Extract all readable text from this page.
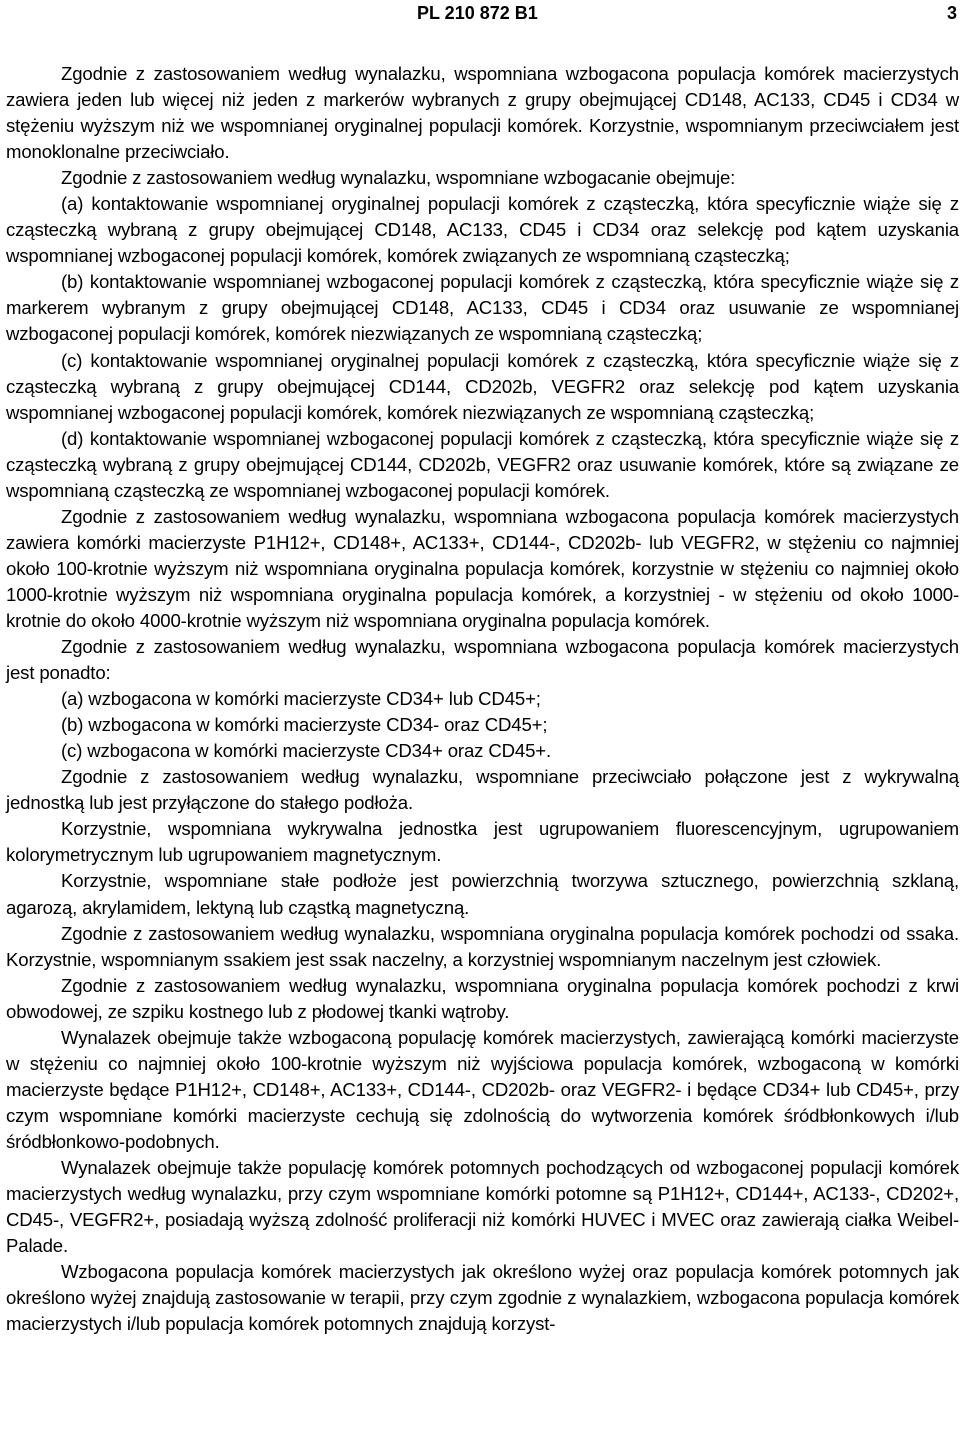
PL 210 872 B1	3

Zgodnie z zastosowaniem według wynalazku, wspomniana wzbogacona populacja komórek macierzystych zawiera jeden lub więcej niż jeden z markerów wybranych z grupy obejmującej CD148, AC133, CD45 i CD34 w stężeniu wyższym niż we wspomnianej oryginalnej populacji komórek. Korzystnie, wspomnianym przeciwciałem jest monoklonalne przeciwciało.

Zgodnie z zastosowaniem według wynalazku, wspomniane wzbogacanie obejmuje:

(a) kontaktowanie wspomnianej oryginalnej populacji komórek z cząsteczką, która specyficznie wiąże się z cząsteczką wybraną z grupy obejmującej CD148, AC133, CD45 i CD34 oraz selekcję pod kątem uzyskania wspomnianej wzbogaconej populacji komórek, komórek związanych ze wspomnianą cząsteczką;

(b) kontaktowanie wspomnianej wzbogaconej populacji komórek z cząsteczką, która specyficznie wiąże się z markerem wybranym z grupy obejmującej CD148, AC133, CD45 i CD34 oraz usuwanie ze wspomnianej wzbogaconej populacji komórek, komórek niezwiązanych ze wspomnianą cząsteczką;

(c) kontaktowanie wspomnianej oryginalnej populacji komórek z cząsteczką, która specyficznie wiąże się z cząsteczką wybraną z grupy obejmującej CD144, CD202b, VEGFR2 oraz selekcję pod kątem uzyskania wspomnianej wzbogaconej populacji komórek, komórek niezwiązanych ze wspomnianą cząsteczką;

(d) kontaktowanie wspomnianej wzbogaconej populacji komórek z cząsteczką, która specyficznie wiąże się z cząsteczką wybraną z grupy obejmującej CD144, CD202b, VEGFR2 oraz usuwanie komórek, które są związane ze wspomnianą cząsteczką ze wspomnianej wzbogaconej populacji komórek.

Zgodnie z zastosowaniem według wynalazku, wspomniana wzbogacona populacja komórek macierzystych zawiera komórki macierzyste P1H12+, CD148+, AC133+, CD144-, CD202b- lub VEGFR2, w stężeniu co najmniej około 100-krotnie wyższym niż wspomniana oryginalna populacja komórek, korzystnie w stężeniu co najmniej około 1000-krotnie wyższym niż wspomniana oryginalna populacja komórek, a korzystniej - w stężeniu od około 1000-krotnie do około 4000-krotnie wyższym niż wspomniana oryginalna populacja komórek.

Zgodnie z zastosowaniem według wynalazku, wspomniana wzbogacona populacja komórek macierzystych jest ponadto:

(a) wzbogacona w komórki macierzyste CD34+ lub CD45+;

(b) wzbogacona w komórki macierzyste CD34- oraz CD45+;

(c) wzbogacona w komórki macierzyste CD34+ oraz CD45+.

Zgodnie z zastosowaniem według wynalazku, wspomniane przeciwciało połączone jest z wykrywalną jednostką lub jest przyłączone do stałego podłoża.

Korzystnie, wspomniana wykrywalna jednostka jest ugrupowaniem fluorescencyjnym, ugrupowaniem kolorymetrycznym lub ugrupowaniem magnetycznym.

Korzystnie, wspomniane stałe podłoże jest powierzchnią tworzywa sztucznego, powierzchnią szklaną, agarozą, akrylamidem, lektyną lub cząstką magnetyczną.

Zgodnie z zastosowaniem według wynalazku, wspomniana oryginalna populacja komórek pochodzi od ssaka. Korzystnie, wspomnianym ssakiem jest ssak naczelny, a korzystniej wspomnianym naczelnym jest człowiek.

Zgodnie z zastosowaniem według wynalazku, wspomniana oryginalna populacja komórek pochodzi z krwi obwodowej, ze szpiku kostnego lub z płodowej tkanki wątroby.

Wynalazek obejmuje także wzbogaconą populację komórek macierzystych, zawierającą komórki macierzyste w stężeniu co najmniej około 100-krotnie wyższym niż wyjściowa populacja komórek, wzbogaconą w komórki macierzyste będące P1H12+, CD148+, AC133+, CD144-, CD202b- oraz VEGFR2- i będące CD34+ lub CD45+, przy czym wspomniane komórki macierzyste cechują się zdolnością do wytworzenia komórek śródbłonkowych i/lub śródbłonkowo-podobnych.

Wynalazek obejmuje także populację komórek potomnych pochodzących od wzbogaconej populacji komórek macierzystych według wynalazku, przy czym wspomniane komórki potomne są P1H12+, CD144+, AC133-, CD202+, CD45-, VEGFR2+, posiadają wyższą zdolność proliferacji niż komórki HUVEC i MVEC oraz zawierają ciałka Weibel-Palade.

Wzbogacona populacja komórek macierzystych jak określono wyżej oraz populacja komórek potomnych jak określono wyżej znajdują zastosowanie w terapii, przy czym zgodnie z wynalazkiem, wzbogacona populacja komórek macierzystych i/lub populacja komórek potomnych znajdują korzyst-
